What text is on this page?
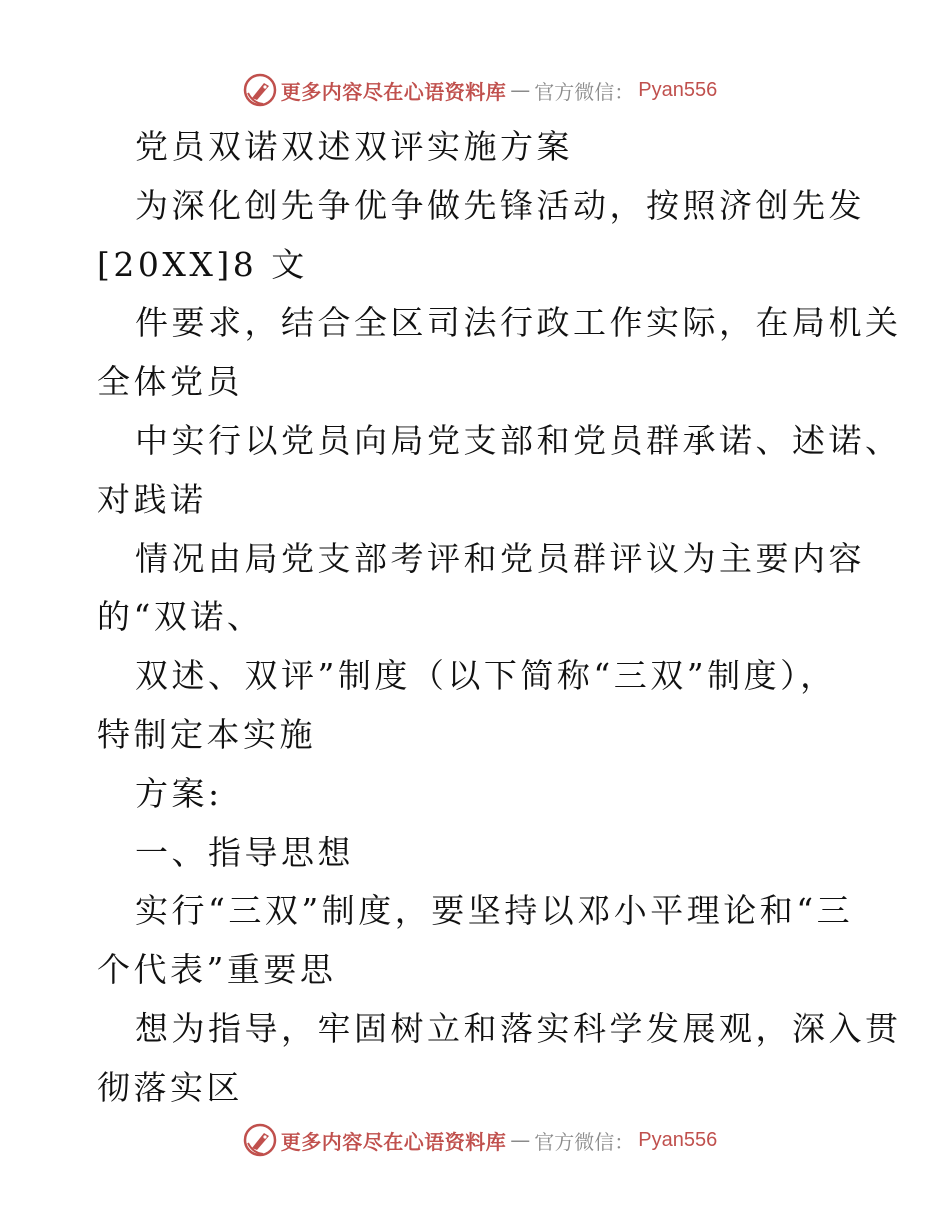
更多内容尽在心语资料库 — 官方微信： Pyan556
党员双诺双述双评实施方案
为深化创先争优争做先锋活动，按照济创先发
[20XX]8 文
件要求，结合全区司法行政工作实际，在局机关
全体党员
中实行以党员向局党支部和党员群承诺、述诺、
对践诺
情况由局党支部考评和党员群评议为主要内容
的“双诺、
双述、双评”制度（以下简称“三双”制度），
特制定本实施
方案:
一、指导思想
实行“三双”制度，要坚持以邓小平理论和“三
个代表”重要思
想为指导，牢固树立和落实科学发展观，深入贯
彻落实区
更多内容尽在心语资料库 — 官方微信： Pyan556
